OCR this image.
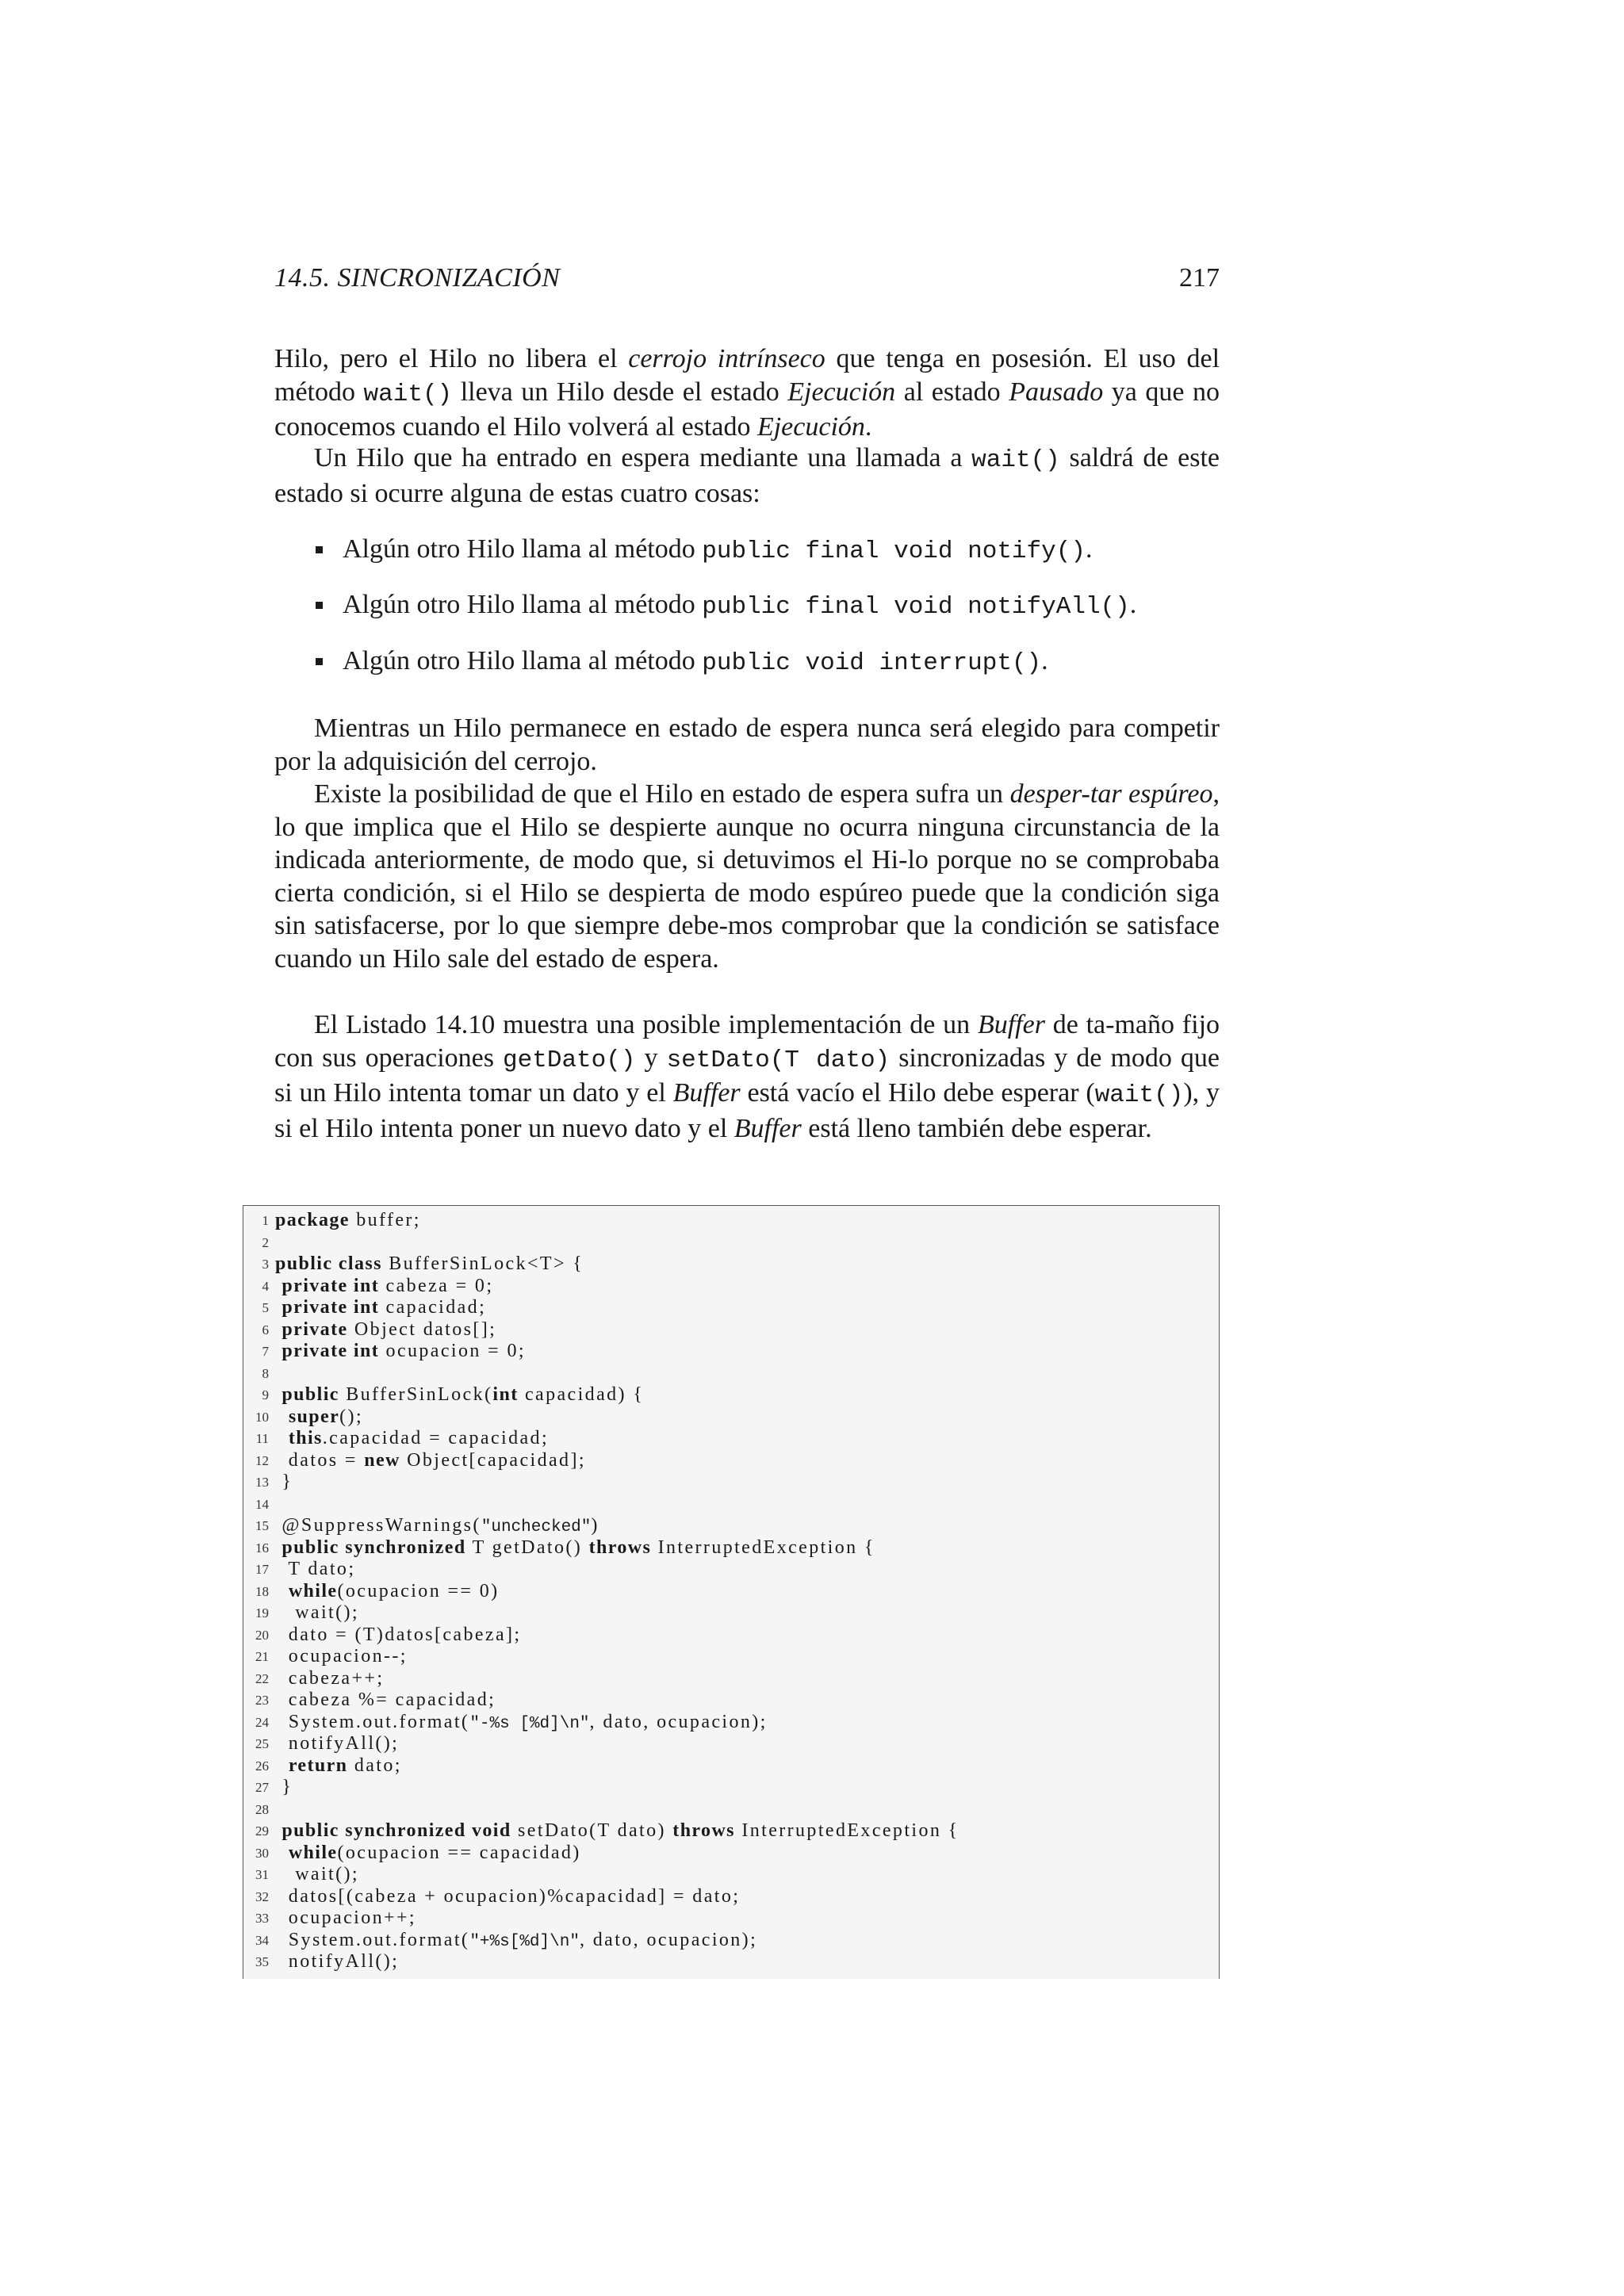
14.5. SINCRONIZACIÓN	217

Hilo, pero el Hilo no libera el cerrojo intrínseco que tenga en posesión. El uso del método wait() lleva un Hilo desde el estado Ejecución al estado Pausado ya que no conocemos cuando el Hilo volverá al estado Ejecución.

Un Hilo que ha entrado en espera mediante una llamada a wait() saldrá de este estado si ocurre alguna de estas cuatro cosas:

Algún otro Hilo llama al método public final void notify().
Algún otro Hilo llama al método public final void notifyAll().
Algún otro Hilo llama al método public void interrupt().

Mientras un Hilo permanece en estado de espera nunca será elegido para competir por la adquisición del cerrojo.

Existe la posibilidad de que el Hilo en estado de espera sufra un desper-tar espúreo, lo que implica que el Hilo se despierte aunque no ocurra ninguna circunstancia de la indicada anteriormente, de modo que, si detuvimos el Hi-lo porque no se comprobaba cierta condición, si el Hilo se despierta de modo espúreo puede que la condición siga sin satisfacerse, por lo que siempre debe-mos comprobar que la condición se satisface cuando un Hilo sale del estado de espera.

El Listado 14.10 muestra una posible implementación de un Buffer de ta-maño fijo con sus operaciones getDato() y setDato(T dato) sincronizadas y de modo que si un Hilo intenta tomar un dato y el Buffer está vacío el Hilo debe esperar (wait()), y si el Hilo intenta poner un nuevo dato y el Buffer está lleno también debe esperar.

1 package buffer;
2
3 public class BufferSinLock<T> {
4 private int cabeza = 0;
5 private int capacidad;
6 private Object datos[];
7 private int ocupacion = 0;
8
9 public BufferSinLock(int capacidad) {
10	super();
11	this.capacidad = capacidad;
12 datos = new Object[capacidad];
13 }
14
15 @SuppressWarnings("unchecked")
16 public synchronized T getDato() throws InterruptedException {
17 T dato;
18	while(ocupacion == 0)
19 wait();
20 dato = (T)datos[cabeza];
21 ocupacion--;
22 cabeza++;
23 cabeza %= capacidad;
24 System.out.format("-%s [%d]\n", dato, ocupacion);
25 notifyAll();
26	return dato;
27 }
28
29 public synchronized void setDato(T dato) throws InterruptedException {
30	while(ocupacion == capacidad)
31 wait();
32 datos[(cabeza + ocupacion)%capacidad] = dato;
33 ocupacion++;
34 System.out.format("+%s[%d]\n", dato, ocupacion);
35 notifyAll();
